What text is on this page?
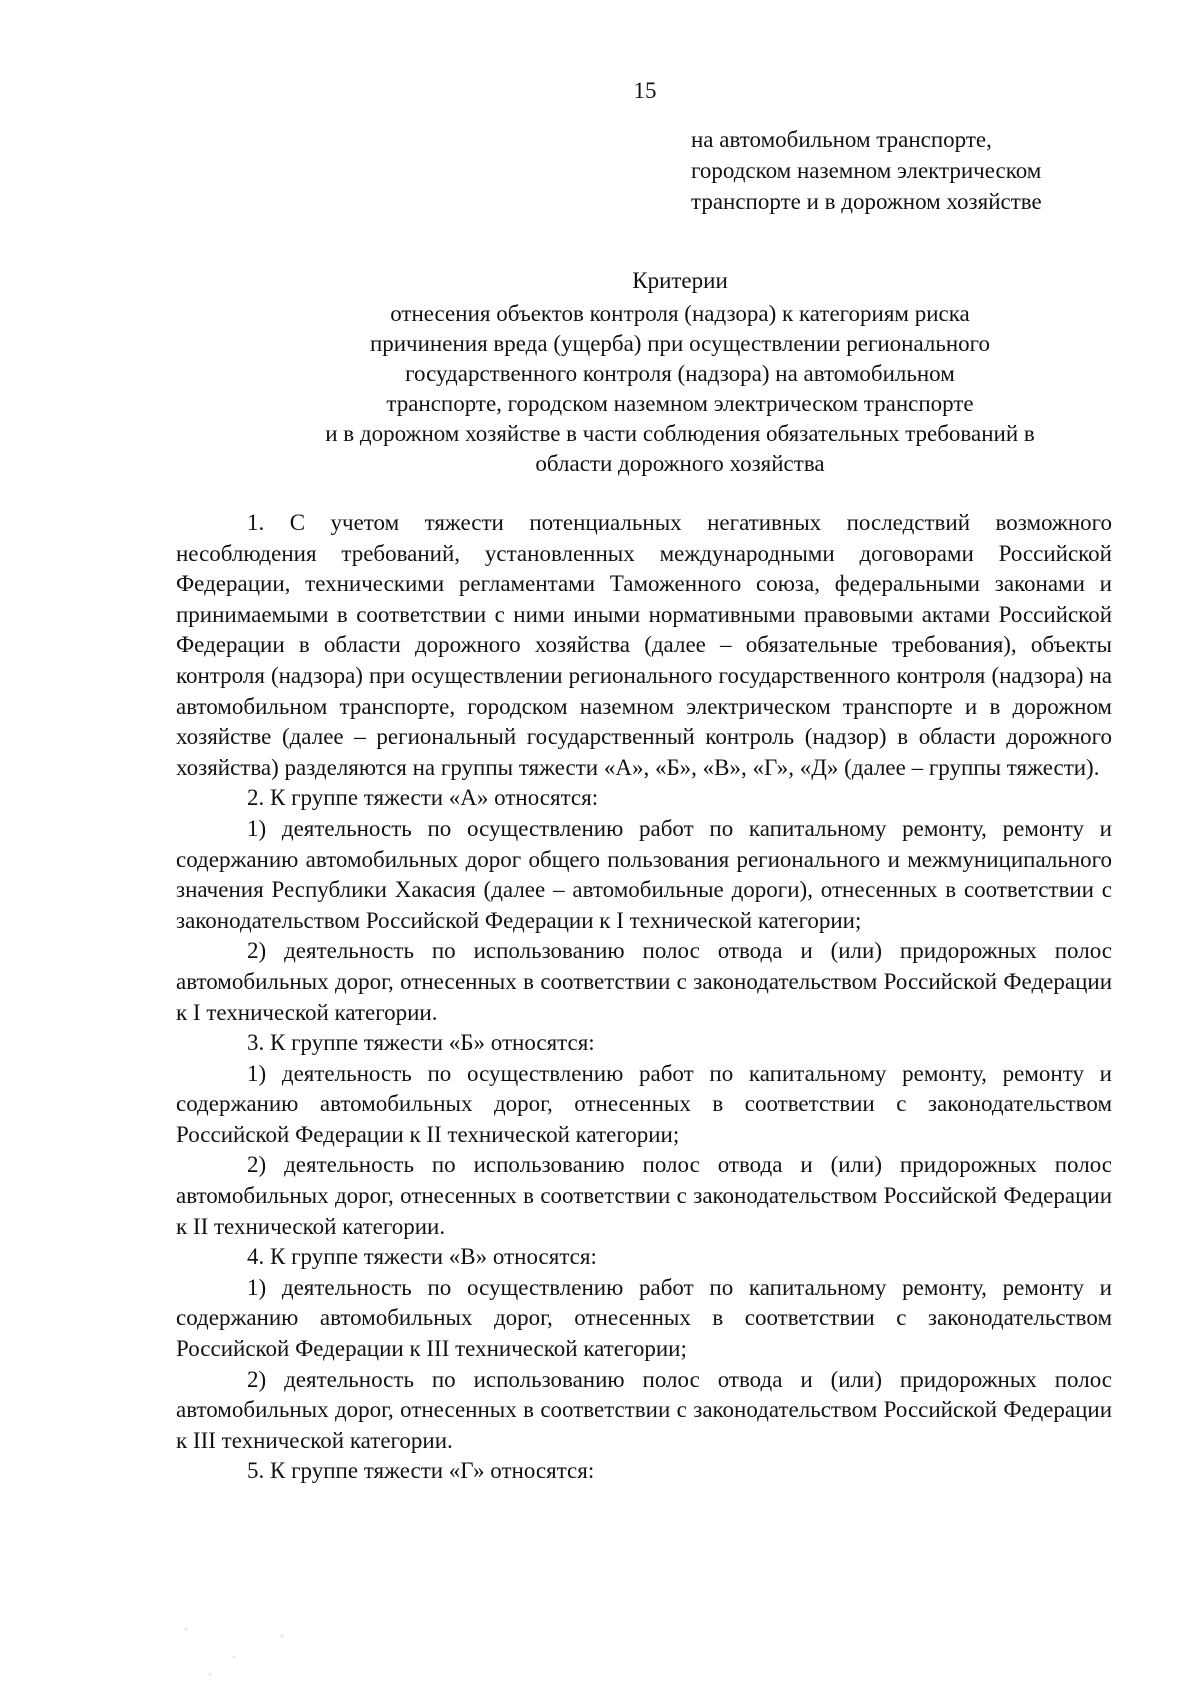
15
на автомобильном транспорте,
городском наземном электрическом
транспорте и в дорожном хозяйстве
Критерии
отнесения объектов контроля (надзора) к категориям риска
причинения вреда (ущерба) при осуществлении регионального
государственного контроля (надзора) на автомобильном
транспорте, городском наземном электрическом транспорте
и в дорожном хозяйстве в части соблюдения обязательных требований в
области дорожного хозяйства

1. С учетом тяжести потенциальных негативных последствий возможного несоблюдения требований, установленных международными договорами Российской Федерации, техническими регламентами Таможенного союза, федеральными законами и принимаемыми в соответствии с ними иными нормативными правовыми актами Российской Федерации в области дорожного хозяйства (далее – обязательные требования), объекты контроля (надзора) при осуществлении регионального государственного контроля (надзора) на автомобильном транспорте, городском наземном электрическом транспорте и в дорожном хозяйстве (далее – региональный государственный контроль (надзор) в области дорожного хозяйства) разделяются на группы тяжести «А», «Б», «В», «Г», «Д» (далее – группы тяжести).

2. К группе тяжести «А» относятся:

1) деятельность по осуществлению работ по капитальному ремонту, ремонту и содержанию автомобильных дорог общего пользования регионального и межмуниципального значения Республики Хакасия (далее – автомобильные дороги), отнесенных в соответствии с законодательством Российской Федерации к I технической категории;

2) деятельность по использованию полос отвода и (или) придорожных полос автомобильных дорог, отнесенных в соответствии с законодательством Российской Федерации к I технической категории.

3. К группе тяжести «Б» относятся:

1) деятельность по осуществлению работ по капитальному ремонту, ремонту и содержанию автомобильных дорог, отнесенных в соответствии с законодательством Российской Федерации к II технической категории;

2) деятельность по использованию полос отвода и (или) придорожных полос автомобильных дорог, отнесенных в соответствии с законодательством Российской Федерации к II технической категории.

4. К группе тяжести «В» относятся:

1) деятельность по осуществлению работ по капитальному ремонту, ремонту и содержанию автомобильных дорог, отнесенных в соответствии с законодательством Российской Федерации к III технической категории;

2) деятельность по использованию полос отвода и (или) придорожных полос автомобильных дорог, отнесенных в соответствии с законодательством Российской Федерации к III технической категории.

5. К группе тяжести «Г» относятся:
